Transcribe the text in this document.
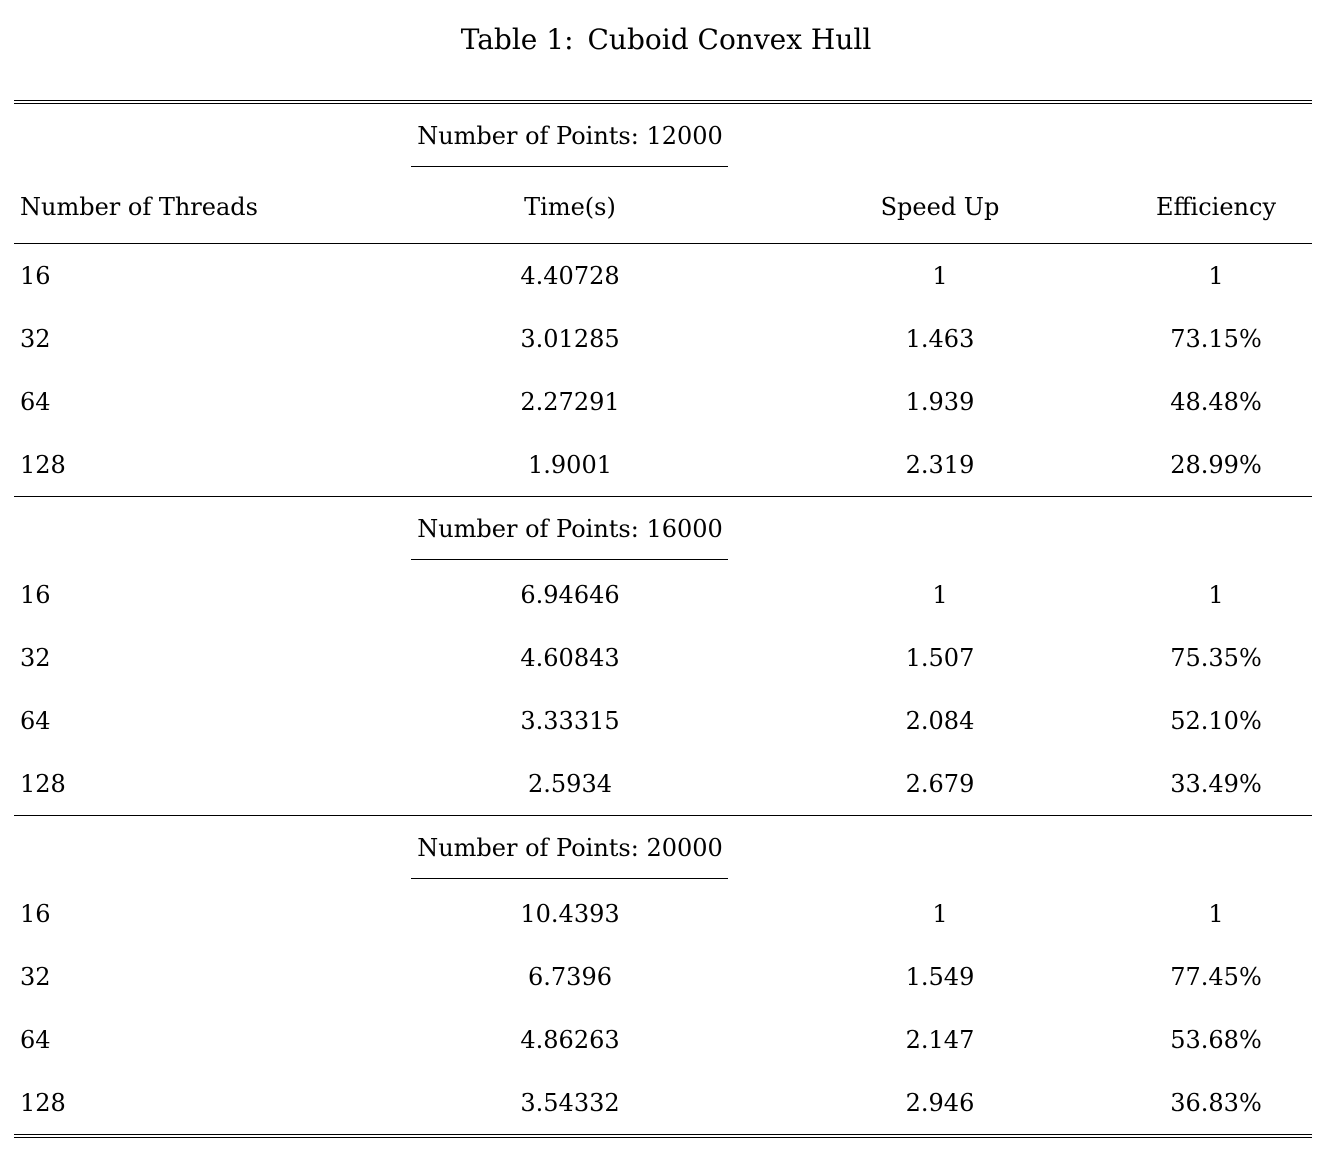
Table 1: Cuboid Convex Hull
Number of Points: 12000
Number of Threads	Time(s)	Speed Up	Efficiency
16	4.40728	1	1
32	3.01285	1.463	73.15%
64	2.27291	1.939	48.48%
128	1.9001	2.319	28.99%
Number of Points: 16000
16	6.94646	1	1
32	4.60843	1.507	75.35%
64	3.33315	2.084	52.10%
128	2.5934	2.679	33.49%
Number of Points: 20000
16	10.4393	1	1
32	6.7396	1.549	77.45%
64	4.86263	2.147	53.68%
128	3.54332	2.946	36.83%
